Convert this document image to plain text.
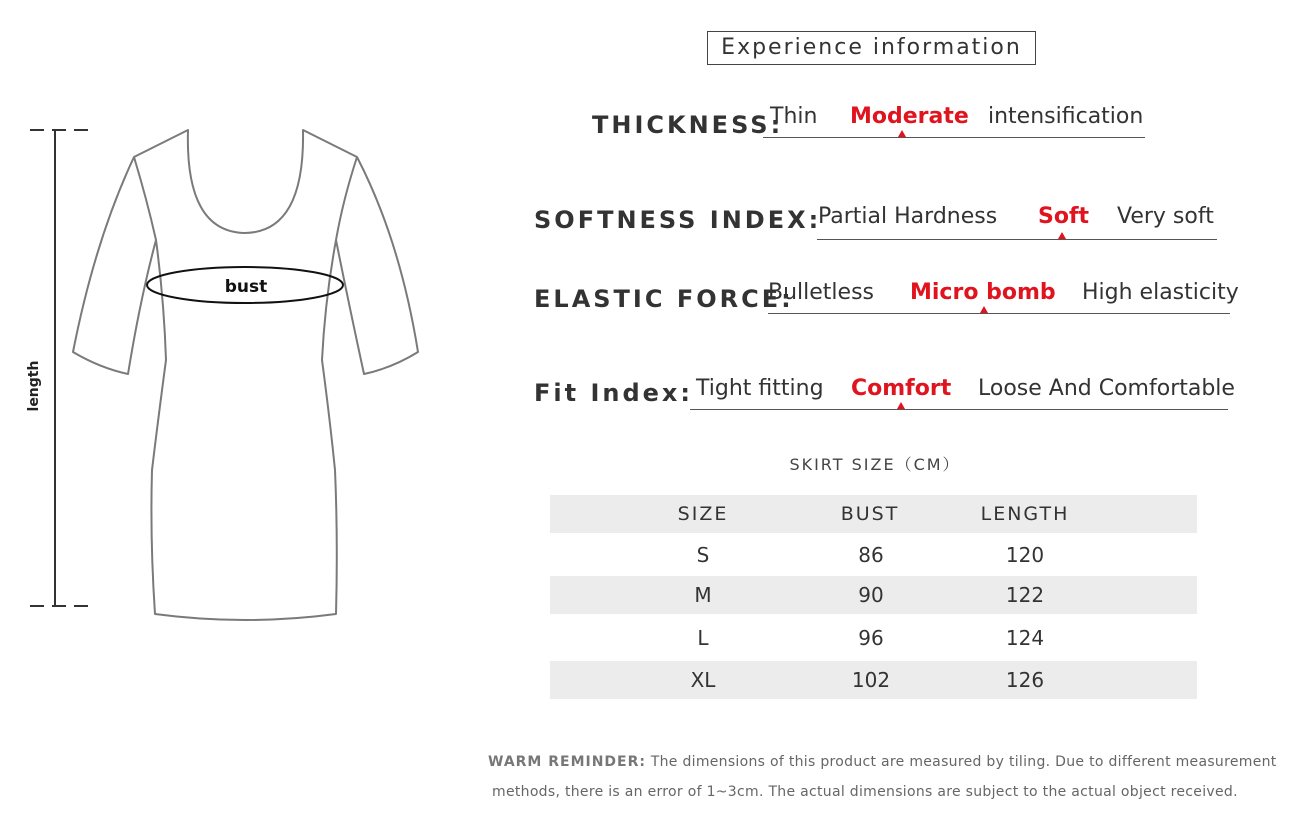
length
bust
Experience information
THICKNESS:
Thin Moderate intensification
SOFTNESS INDEX:
Partial Hardness Soft Very soft
ELASTIC FORCE:
Bulletless Micro bomb High elasticity
Fit Index: Tight fitting Comfort Loose And Comfortable
SKIRT SIZE（CM）
SIZE	BUST	LENGTH
S	86	120
M	90	122
L	96	124
XL	102	126
WARM REMINDER: The dimensions of this product are measured by tiling. Due to different measurement
methods, there is an error of 1~3cm. The actual dimensions are subject to the actual object received.
